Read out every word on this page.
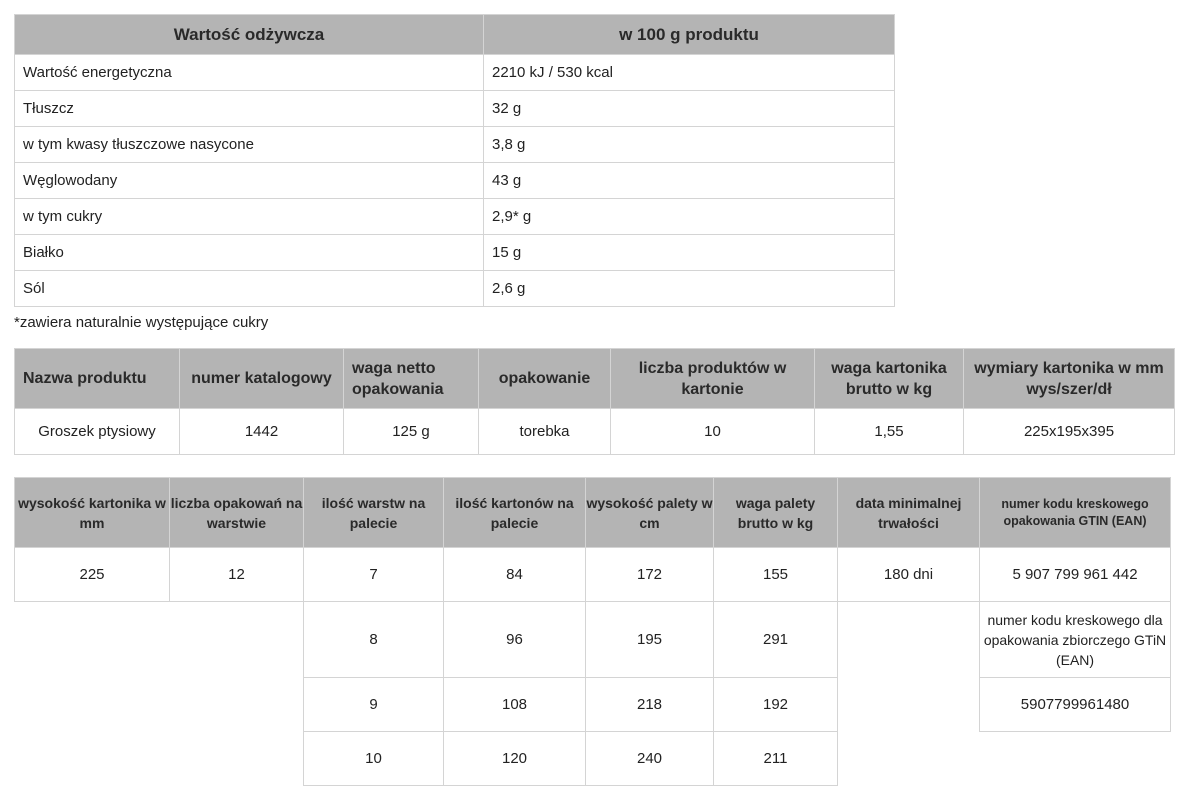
Wartość odżywcza	w 100 g produktu
Wartość energetyczna	2210 kJ / 530 kcal
Tłuszcz	32 g
w tym kwasy tłuszczowe nasycone	3,8 g
Węglowodany	43 g
w tym cukry	2,9* g
Białko	15 g
Sól	2,6 g
*zawiera naturalnie występujące cukry
Nazwa produktu	numer katalogowy	waga netto opakowania	opakowanie	liczba produktów w kartonie	waga kartonika brutto w kg	wymiary kartonika w mm wys/szer/dł
Groszek ptysiowy	1442	125 g	torebka	10	1,55	225x195x395
wysokość kartonika w mm	liczba opakowań na warstwie	ilość warstw na palecie	ilość kartonów na palecie	wysokość palety w cm	waga palety brutto w kg	data minimalnej trwałości	numer kodu kreskowego opakowania GTIN (EAN)
225	12	7	84	172	155	180 dni	5 907 799 961 442
		8	96	195	291		numer kodu kreskowego dla opakowania zbiorczego GTiN (EAN)
		9	108	218	192		5907799961480
		10	120	240	211		
